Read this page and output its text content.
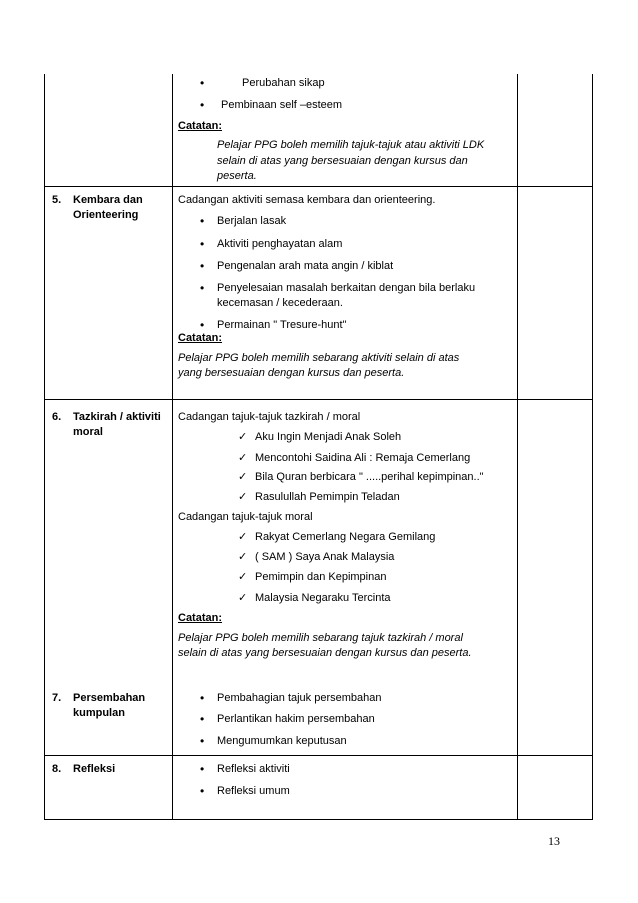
•	Perubahan sikap
• Pembinaan self –esteem
Catatan:
Pelajar PPG boleh memilih tajuk-tajuk atau aktiviti LDK
selain di atas yang bersesuaian dengan kursus dan
peserta.
5. Kembara dan
Orienteering
Cadangan aktiviti semasa kembara dan orienteering.
• Berjalan lasak
• Aktiviti penghayatan alam
• Pengenalan arah mata angin / kiblat
• Penyelesaian masalah berkaitan dengan bila berlaku
kecemasan / kecederaan.
• Permainan " Tresure-hunt"
Catatan:
Pelajar PPG boleh memilih sebarang aktiviti selain di atas
yang bersesuaian dengan kursus dan peserta.
6. Tazkirah / aktiviti
moral
Cadangan tajuk-tajuk tazkirah / moral
✓ Aku Ingin Menjadi Anak Soleh
✓ Mencontohi Saidina Ali : Remaja Cemerlang
✓ Bila Quran berbicara " .....perihal kepimpinan.."
✓ Rasulullah Pemimpin Teladan
Cadangan tajuk-tajuk moral
✓ Rakyat Cemerlang Negara Gemilang
✓ ( SAM ) Saya Anak Malaysia
✓ Pemimpin dan Kepimpinan
✓ Malaysia Negaraku Tercinta
Catatan:
Pelajar PPG boleh memilih sebarang tajuk tazkirah / moral
selain di atas yang bersesuaian dengan kursus dan peserta.
7. Persembahan
kumpulan
• Pembahagian tajuk persembahan
• Perlantikan hakim persembahan
• Mengumumkan keputusan
8. Refleksi	• Refleksi aktiviti
• Refleksi umum
13
